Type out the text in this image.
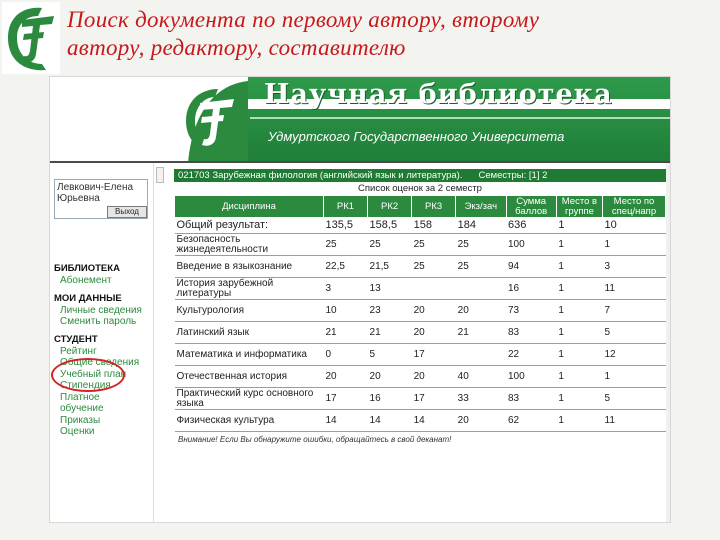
Поиск документа по первому автору, второму
автору, редактору, составителю
Научная библиотека
Удмуртского Государственного Университета
Левкович-Елена Юрьевна
Выход
БИБЛИОТЕКА
Абонемент
МОИ ДАННЫЕ
Личные сведения
Сменить пароль
СТУДЕНТ
Рейтинг
Общие сведения
Учебный план
Стипендия
Платное обучение
Приказы
Оценки
021703 Зарубежная филология (английский язык и литература). Семестры: [1] 2
Список оценок за 2 семестр
Дисциплина	РК1	РК2	РК3	Экз/зач	Сумма баллов	Место в группе	Место по спец/напр
Общий результат:	135,5	158,5	158	184	636	1	10
Безопасность жизнедеятельности	25	25	25	25	100	1	1
Введение в языкознание	22,5	21,5	25	25	94	1	3
История зарубежной литературы	3	13			16	1	11
Культурология	10	23	20	20	73	1	7
Латинский язык	21	21	20	21	83	1	5
Математика и информатика	0	5	17		22	1	12
Отечественная история	20	20	20	40	100	1	1
Практический курс основного языка	17	16	17	33	83	1	5
Физическая культура	14	14	14	20	62	1	11
Внимание! Если Вы обнаружите ошибки, обращайтесь в свой деканат!
